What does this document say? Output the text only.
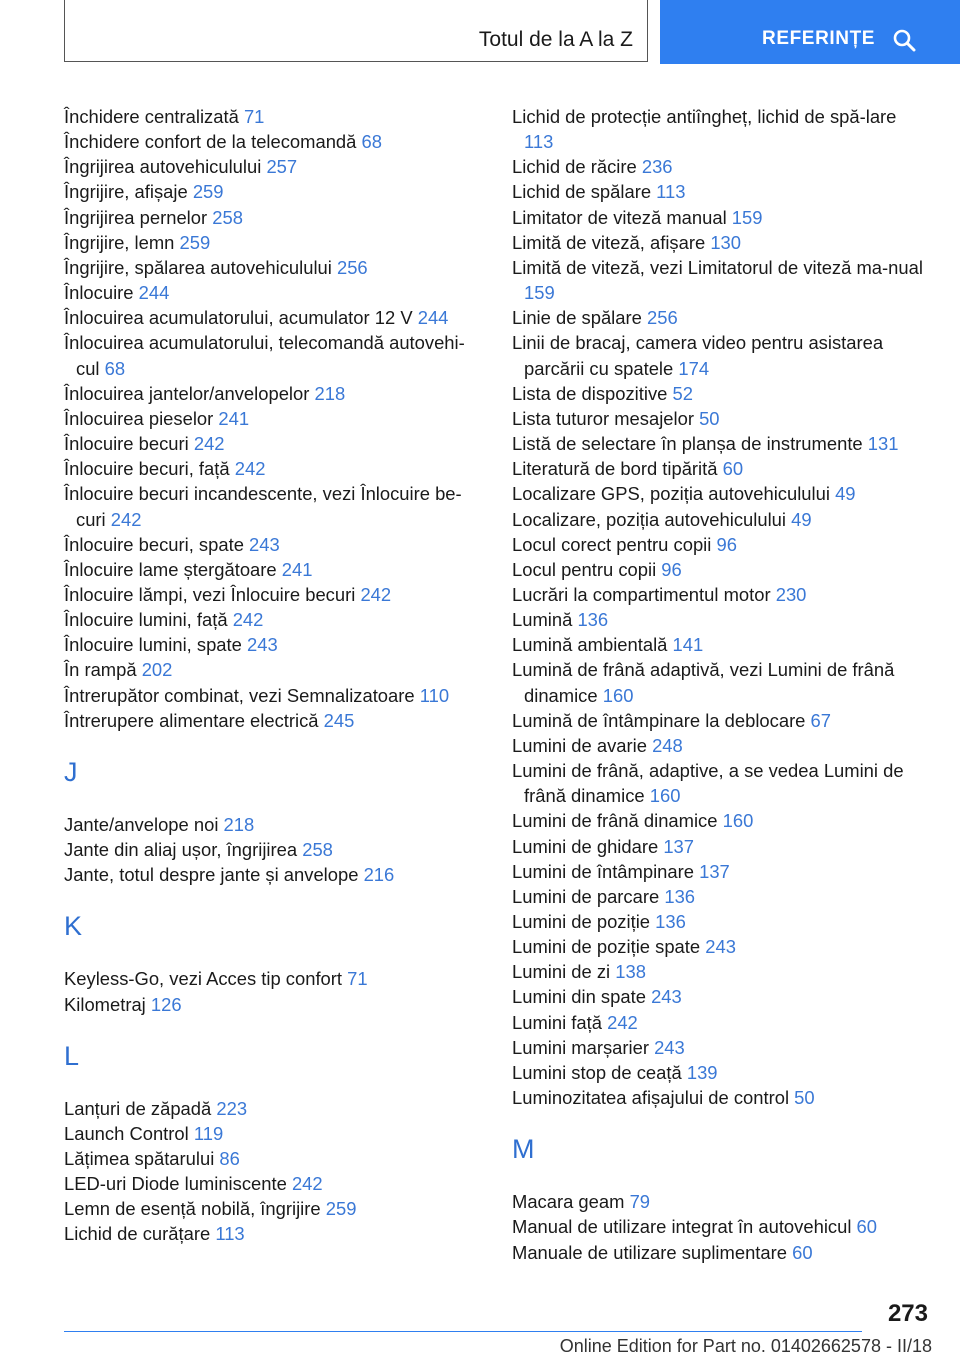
Totul de la A la Z	REFERINȚE

Închidere centralizată 71

Închidere confort de la telecomandă 68

Îngrijirea autovehiculului 257

Îngrijire, afișaje 259

Îngrijirea pernelor 258

Îngrijire, lemn 259

Îngrijire, spălarea autovehiculului 256

Înlocuire 244

Înlocuirea acumulatorului, acumulator 12 V 244

Înlocuirea acumulatorului, telecomandă autovehi‐cul 68

Înlocuirea jantelor/anvelopelor 218

Înlocuirea pieselor 241

Înlocuire becuri 242

Înlocuire becuri, față 242

Înlocuire becuri incandescente, vezi Înlocuire be‐curi 242

Înlocuire becuri, spate 243

Înlocuire lame ștergătoare 241

Înlocuire lămpi, vezi Înlocuire becuri 242

Înlocuire lumini, față 242

Înlocuire lumini, spate 243

În rampă 202

Întrerupător combinat, vezi Semnalizatoare 110

Întrerupere alimentare electrică 245

J

Jante/anvelope noi 218

Jante din aliaj ușor, îngrijirea 258

Jante, totul despre jante și anvelope 216

K

Keyless-Go, vezi Acces tip confort 71

Kilometraj 126

L

Lanțuri de zăpadă 223

Launch Control 119

Lățimea spătarului 86

LED-uri Diode luminiscente 242

Lemn de esență nobilă, îngrijire 259

Lichid de curățare 113

Lichid de protecție antiîngheț, lichid de spă‐lare 113

Lichid de răcire 236

Lichid de spălare 113

Limitator de viteză manual 159

Limită de viteză, afișare 130

Limită de viteză, vezi Limitatorul de viteză ma‐nual 159

Linie de spălare 256

Linii de bracaj, camera video pentru asistarea parcării cu spatele 174

Lista de dispozitive 52

Lista tuturor mesajelor 50

Listă de selectare în planșa de instrumente 131

Literatură de bord tipărită 60

Localizare GPS, poziția autovehiculului 49

Localizare, poziția autovehiculului 49

Locul corect pentru copii 96

Locul pentru copii 96

Lucrări la compartimentul motor 230

Lumină 136

Lumină ambientală 141

Lumină de frână adaptivă, vezi Lumini de frână dinamice 160

Lumină de întâmpinare la deblocare 67

Lumini de avarie 248

Lumini de frână, adaptive, a se vedea Lumini de frână dinamice 160

Lumini de frână dinamice 160

Lumini de ghidare 137

Lumini de întâmpinare 137

Lumini de parcare 136

Lumini de poziție 136

Lumini de poziție spate 243

Lumini de zi 138

Lumini din spate 243

Lumini față 242

Lumini marșarier 243

Lumini stop de ceață 139

Luminozitatea afișajului de control 50

M

Macara geam 79

Manual de utilizare integrat în autovehicul 60

Manuale de utilizare suplimentare 60

273
Online Edition for Part no. 01402662578 - II/18
